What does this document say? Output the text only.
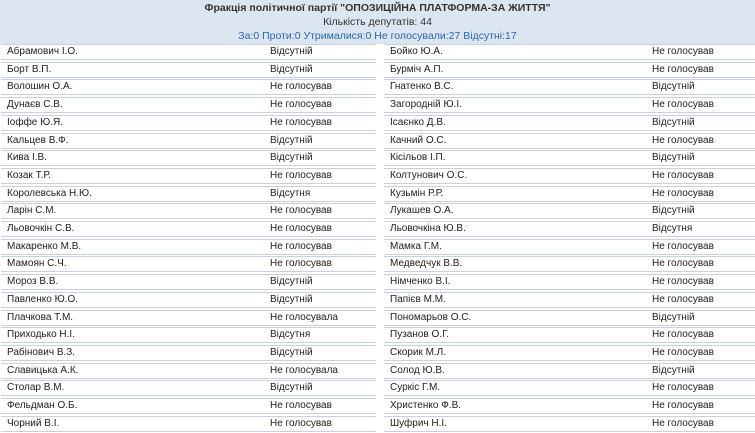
Фракція політичної партії "ОПОЗИЦІЙНА ПЛАТФОРМА-ЗА ЖИТТЯ"
Кількість депутатів: 44
За:0 Проти:0 Утрималися:0 Не голосували:27 Відсутні:17
Абрамович І.О.	Відсутній
Борт В.П.	Відсутній
Волошин О.А.	Не голосував
Дунаєв С.В.	Не голосував
Іоффе Ю.Я.	Не голосував
Кальцев В.Ф.	Відсутній
Кива І.В.	Відсутній
Козак Т.Р.	Не голосував
Королевська Н.Ю.	Відсутня
Ларін С.М.	Не голосував
Льовочкін С.В.	Не голосував
Макаренко М.В.	Не голосував
Мамоян С.Ч.	Не голосував
Мороз В.В.	Відсутній
Павленко Ю.О.	Відсутній
Плачкова Т.М.	Не голосувала
Приходько Н.І.	Відсутня
Рабінович В.З.	Відсутній
Славицька А.К.	Не голосувала
Столар В.М.	Відсутній
Фельдман О.Б.	Не голосував
Чорний В.І.	Не голосував
Бойко Ю.А.	Не голосував
Бурміч А.П.	Не голосував
Гнатенко В.С.	Відсутній
Загородній Ю.І.	Не голосував
Ісаєнко Д.В.	Відсутній
Качний О.С.	Не голосував
Кісільов І.П.	Відсутній
Колтунович О.С.	Не голосував
Кузьмін Р.Р.	Не голосував
Лукашев О.А.	Відсутній
Льовочкіна Ю.В.	Відсутня
Мамка Г.М.	Не голосував
Медведчук В.В.	Не голосував
Німченко В.І.	Не голосував
Папієв М.М.	Не голосував
Пономарьов О.С.	Відсутній
Пузанов О.Г.	Не голосував
Скорик М.Л.	Не голосував
Солод Ю.В.	Відсутній
Суркіс Г.М.	Не голосував
Христенко Ф.В.	Не голосував
Шуфрич Н.І.	Не голосував
